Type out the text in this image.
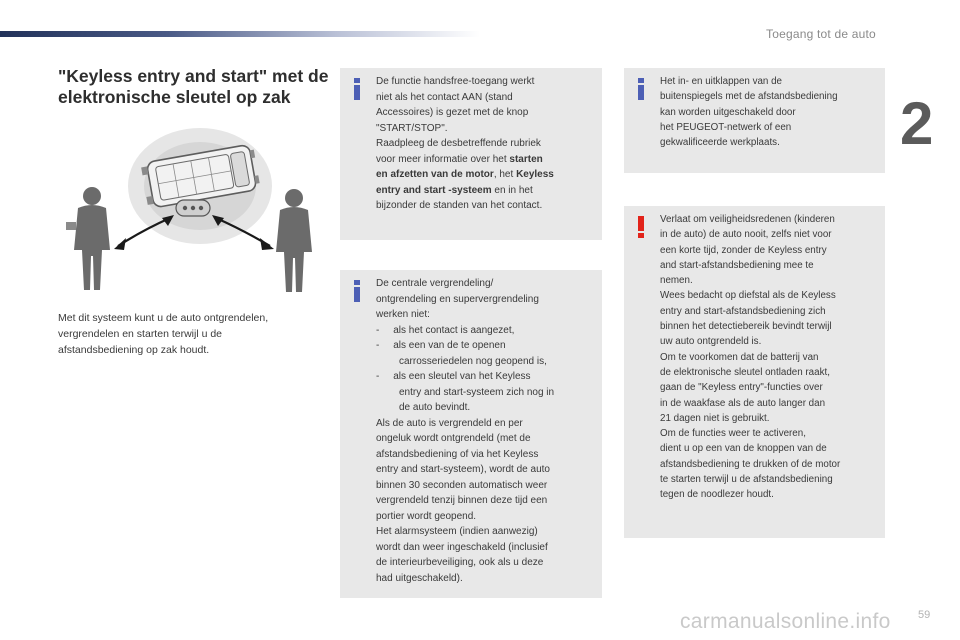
Toegang tot de auto
2
"Keyless entry and start" met de
elektronische sleutel op zak

Met dit systeem kunt u de auto ontgrendelen,
vergrendelen en starten terwijl u de
afstandsbediening op zak houdt.

De functie handsfree-toegang werkt
niet als het contact AAN (stand
Accessoires) is gezet met de knop
"START/STOP".
Raadpleeg de desbetreffende rubriek
voor meer informatie over het starten
en afzetten van de motor, het Keyless
entry and start -systeem en in het
bijzonder de standen van het contact.
De centrale vergrendeling/
ontgrendeling en supervergrendeling
werken niet:
-     als het contact is aangezet,
-     als een van de te openen
carrosseriedelen nog geopend is,
-     als een sleutel van het Keyless
entry and start-systeem zich nog in
de auto bevindt.
Als de auto is vergrendeld en per
ongeluk wordt ontgrendeld (met de
afstandsbediening of via het Keyless
entry and start-systeem), wordt de auto
binnen 30 seconden automatisch weer
vergrendeld tenzij binnen deze tijd een
portier wordt geopend.
Het alarmsysteem (indien aanwezig)
wordt dan weer ingeschakeld (inclusief
de interieurbeveiliging, ook als u deze
had uitgeschakeld).
Het in- en uitklappen van de
buitenspiegels met de afstandsbediening
kan worden uitgeschakeld door
het PEUGEOT-netwerk of een
gekwalificeerde werkplaats.
Verlaat om veiligheidsredenen (kinderen
in de auto) de auto nooit, zelfs niet voor
een korte tijd, zonder de Keyless entry
and start-afstandsbediening mee te
nemen.
Wees bedacht op diefstal als de Keyless
entry and start-afstandsbediening zich
binnen het detectiebereik bevindt terwijl
uw auto ontgrendeld is.
Om te voorkomen dat de batterij van
de elektronische sleutel ontladen raakt,
gaan de "Keyless entry"-functies over
in de waakfase als de auto langer dan
21 dagen niet is gebruikt.
Om de functies weer te activeren,
dient u op een van de knoppen van de
afstandsbediening te drukken of de motor
te starten terwijl u de afstandsbediening
tegen de noodlezer houdt.
carmanualsonline.info 59
